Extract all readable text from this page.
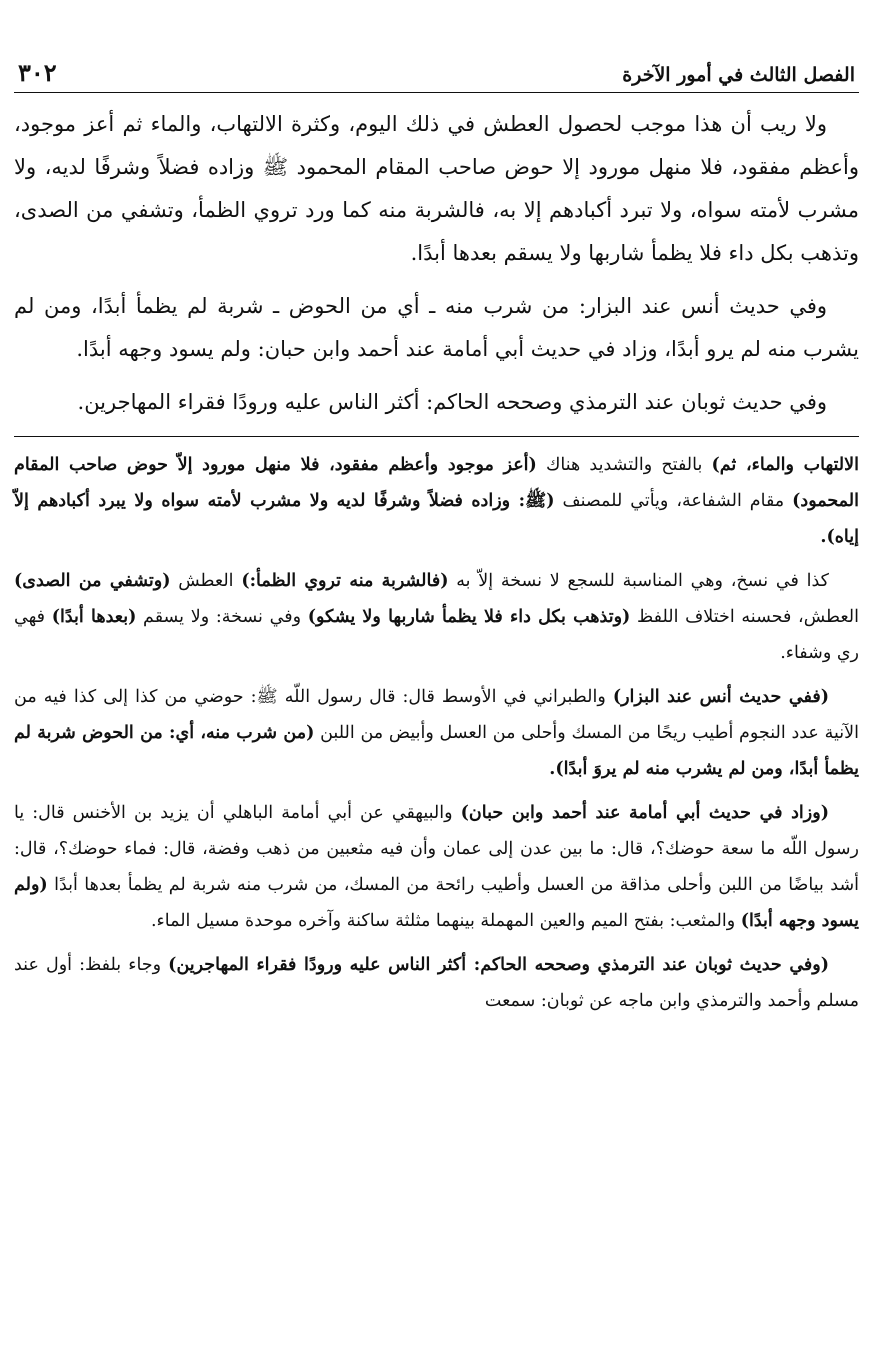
الفصل الثالث في أمور الآخرة
٣٠٢

ولا ريب أن هذا موجب لحصول العطش في ذلك اليوم، وكثرة الالتهاب، والماء ثم أعز موجود، وأعظم مفقود، فلا منهل مورود إلا حوض صاحب المقام المحمود ﷺ وزاده فضلاً وشرفًا لديه، ولا مشرب لأمته سواه، ولا تبرد أكبادهم إلا به، فالشربة منه كما ورد تروي الظمأ، وتشفي من الصدى، وتذهب بكل داء فلا يظمأ شاربها ولا يسقم بعدها أبدًا.

وفي حديث أنس عند البزار: من شرب منه ـ أي من الحوض ـ شربة لم يظمأ أبدًا، ومن لم يشرب منه لم يرو أبدًا، وزاد في حديث أبي أمامة عند أحمد وابن حبان: ولم يسود وجهه أبدًا.

وفي حديث ثوبان عند الترمذي وصححه الحاكم: أكثر الناس عليه ورودًا فقراء المهاجرين.

الالتهاب والماء، ثم) بالفتح والتشديد هناك (أعز موجود وأعظم مفقود، فلا منهل مورود إلاّ حوض صاحب المقام المحمود) مقام الشفاعة، ويأتي للمصنف (ﷺ: وزاده فضلاً وشرفًا لديه ولا مشرب لأمته سواه ولا يبرد أكبادهم إلاّ إياه).

كذا في نسخ، وهي المناسبة للسجع لا نسخة إلاّ به (فالشربة منه تروي الظمأ:) العطش (وتشفي من الصدى) العطش، فحسنه اختلاف اللفظ (وتذهب بكل داء فلا يظمأ شاربها ولا يشكو) وفي نسخة: ولا يسقم (بعدها أبدًا) فهي ري وشفاء.

(ففي حديث أنس عند البزار) والطبراني في الأوسط قال: قال رسول اللّه ﷺ: حوضي من كذا إلى كذا فيه من الآنية عدد النجوم أطيب ريحًا من المسك وأحلى من العسل وأبيض من اللبن (من شرب منه، أي: من الحوض شربة لم يظمأ أبدًا، ومن لم يشرب منه لم يروَ أبدًا).

(وزاد في حديث أبي أمامة عند أحمد وابن حبان) والبيهقي عن أبي أمامة الباهلي أن يزيد بن الأخنس قال: يا رسول اللّه ما سعة حوضك؟، قال: ما بين عدن إلى عمان وأن فيه مثعبين من ذهب وفضة، قال: فماء حوضك؟، قال: أشد بياضًا من اللبن وأحلى مذاقة من العسل وأطيب رائحة من المسك، من شرب منه شربة لم يظمأ بعدها أبدًا (ولم يسود وجهه أبدًا) والمثعب: بفتح الميم والعين المهملة بينهما مثلثة ساكنة وآخره موحدة مسيل الماء.

(وفي حديث ثوبان عند الترمذي وصححه الحاكم: أكثر الناس عليه ورودًا فقراء المهاجرين) وجاء بلفظ: أول عند مسلم وأحمد والترمذي وابن ماجه عن ثوبان: سمعت
